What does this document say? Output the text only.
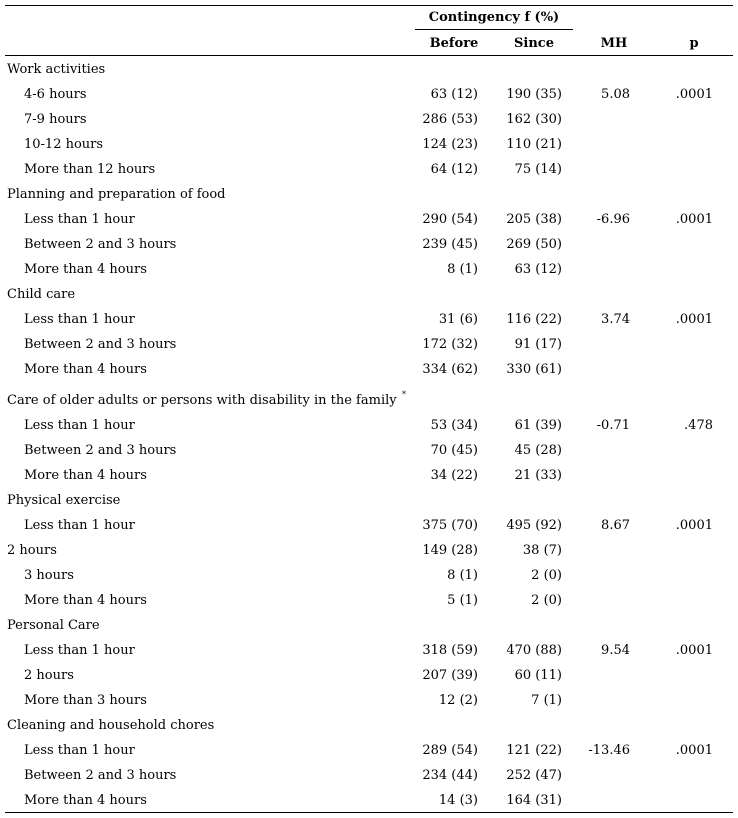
Contingency f (%)
Before	Since	MH	p
Work activities
4-6 hours	63 (12)	190 (35)	5.08	.0001
7-9 hours	286 (53)	162 (30)
10-12 hours	124 (23)	110 (21)
More than 12 hours	64 (12)	75 (14)
Planning and preparation of food
Less than 1 hour	290 (54)	205 (38)	-6.96	.0001
Between 2 and 3 hours	239 (45)	269 (50)
More than 4 hours	8 (1)	63 (12)
Child care
Less than 1 hour	31 (6)	116 (22)	3.74	.0001
Between 2 and 3 hours	172 (32)	91 (17)
More than 4 hours	334 (62)	330 (61)
Care of older adults or persons with disability in the family *
Less than 1 hour	53 (34)	61 (39)	-0.71	.478
Between 2 and 3 hours	70 (45)	45 (28)
More than 4 hours	34 (22)	21 (33)
Physical exercise
Less than 1 hour	375 (70)	495 (92)	8.67	.0001
2 hours	149 (28)	38 (7)
3 hours	8 (1)	2 (0)
More than 4 hours	5 (1)	2 (0)
Personal Care
Less than 1 hour	318 (59)	470 (88)	9.54	.0001
2 hours	207 (39)	60 (11)
More than 3 hours	12 (2)	7 (1)
Cleaning and household chores
Less than 1 hour	289 (54)	121 (22)	-13.46	.0001
Between 2 and 3 hours	234 (44)	252 (47)
More than 4 hours	14 (3)	164 (31)
